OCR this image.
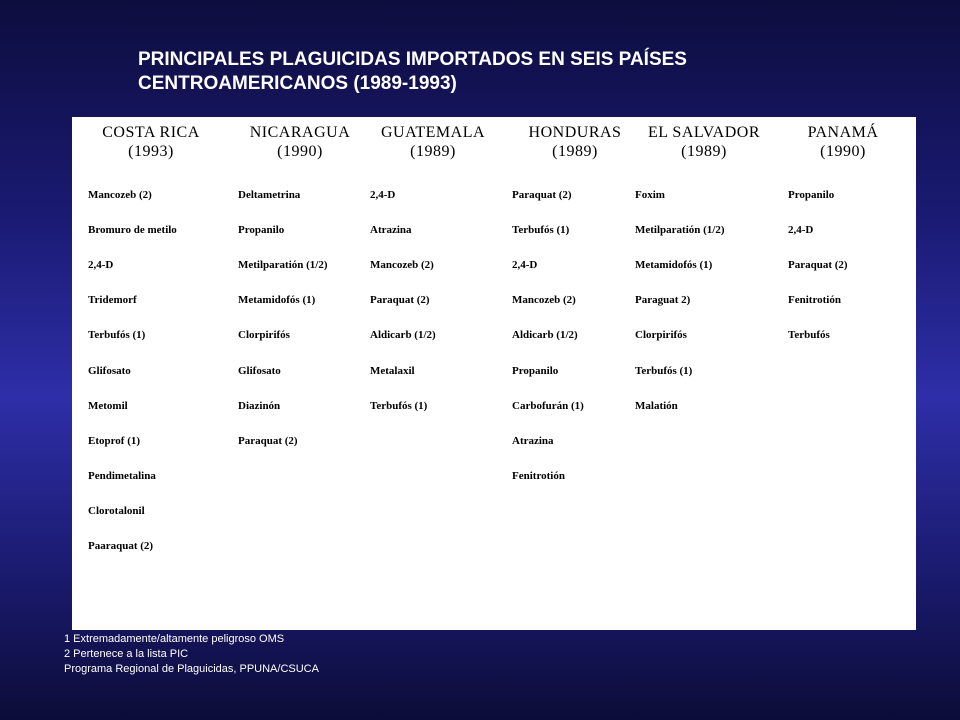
PRINCIPALES PLAGUICIDAS IMPORTADOS EN SEIS PAÍSES
CENTROAMERICANOS (1989-1993)
COSTA RICA
(1993)
Mancozeb (2)
Bromuro de metilo
2,4-D
Tridemorf
Terbufós (1)
Glifosato
Metomil
Etoprof (1)
Pendimetalina
Clorotalonil
Paaraquat (2)
NICARAGUA
(1990)
Deltametrina
Propanilo
Metilparatión (1/2)
Metamidofós (1)
Clorpirifós
Glifosato
Diazinón
Paraquat (2)
GUATEMALA
(1989)
2,4-D
Atrazina
Mancozeb (2)
Paraquat (2)
Aldicarb (1/2)
Metalaxil
Terbufós (1)
HONDURAS
(1989)
Paraquat (2)
Terbufós (1)
2,4-D
Mancozeb (2)
Aldicarb (1/2)
Propanilo
Carbofurán (1)
Atrazina
Fenitrotión
EL SALVADOR
(1989)
Foxim
Metilparatión (1/2)
Metamidofós (1)
Paraguat 2)
Clorpirifós
Terbufós (1)
Malatión
PANAMÁ
(1990)
Propanilo
2,4-D
Paraquat (2)
Fenitrotión
Terbufós
1 Extremadamente/altamente peligroso OMS
2 Pertenece a la lista PIC
Programa Regional de Plaguicidas, PPUNA/CSUCA
